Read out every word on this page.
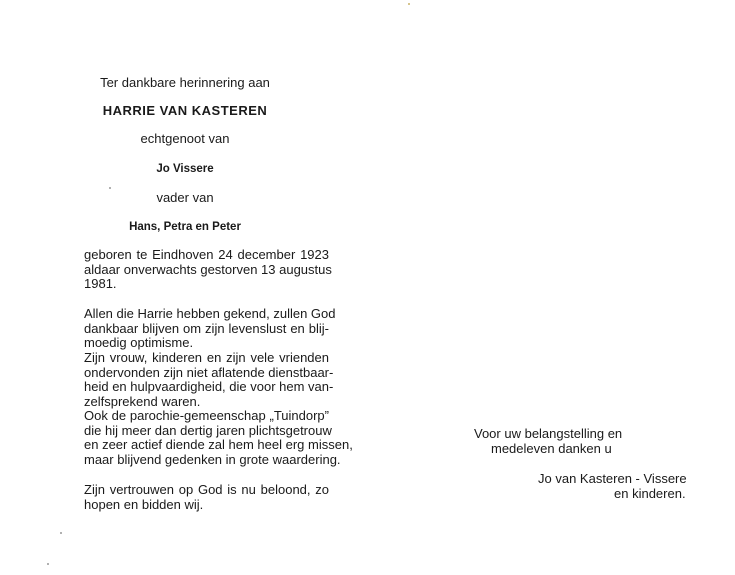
Ter dankbare herinnering aan
HARRIE VAN KASTEREN
echtgenoot van
Jo Vissere
vader van
Hans, Petra en Peter
geboren te Eindhoven 24 december 1923
aldaar onverwachts gestorven 13 augustus
1981.
Allen die Harrie hebben gekend, zullen God
dankbaar blijven om zijn levenslust en blij-
moedig optimisme.
Zijn vrouw, kinderen en zijn vele vrienden
ondervonden zijn niet aflatende dienstbaar-
heid en hulpvaardigheid, die voor hem van-
zelfsprekend waren.
Ook de parochie-gemeenschap „Tuindorp”
die hij meer dan dertig jaren plichtsgetrouw
en zeer actief diende zal hem heel erg missen,
maar blijvend gedenken in grote waardering.
Zijn vertrouwen op God is nu beloond, zo
hopen en bidden wij.
Voor uw belangstelling en
medeleven danken u
Jo van Kasteren - Vissere
en kinderen.
